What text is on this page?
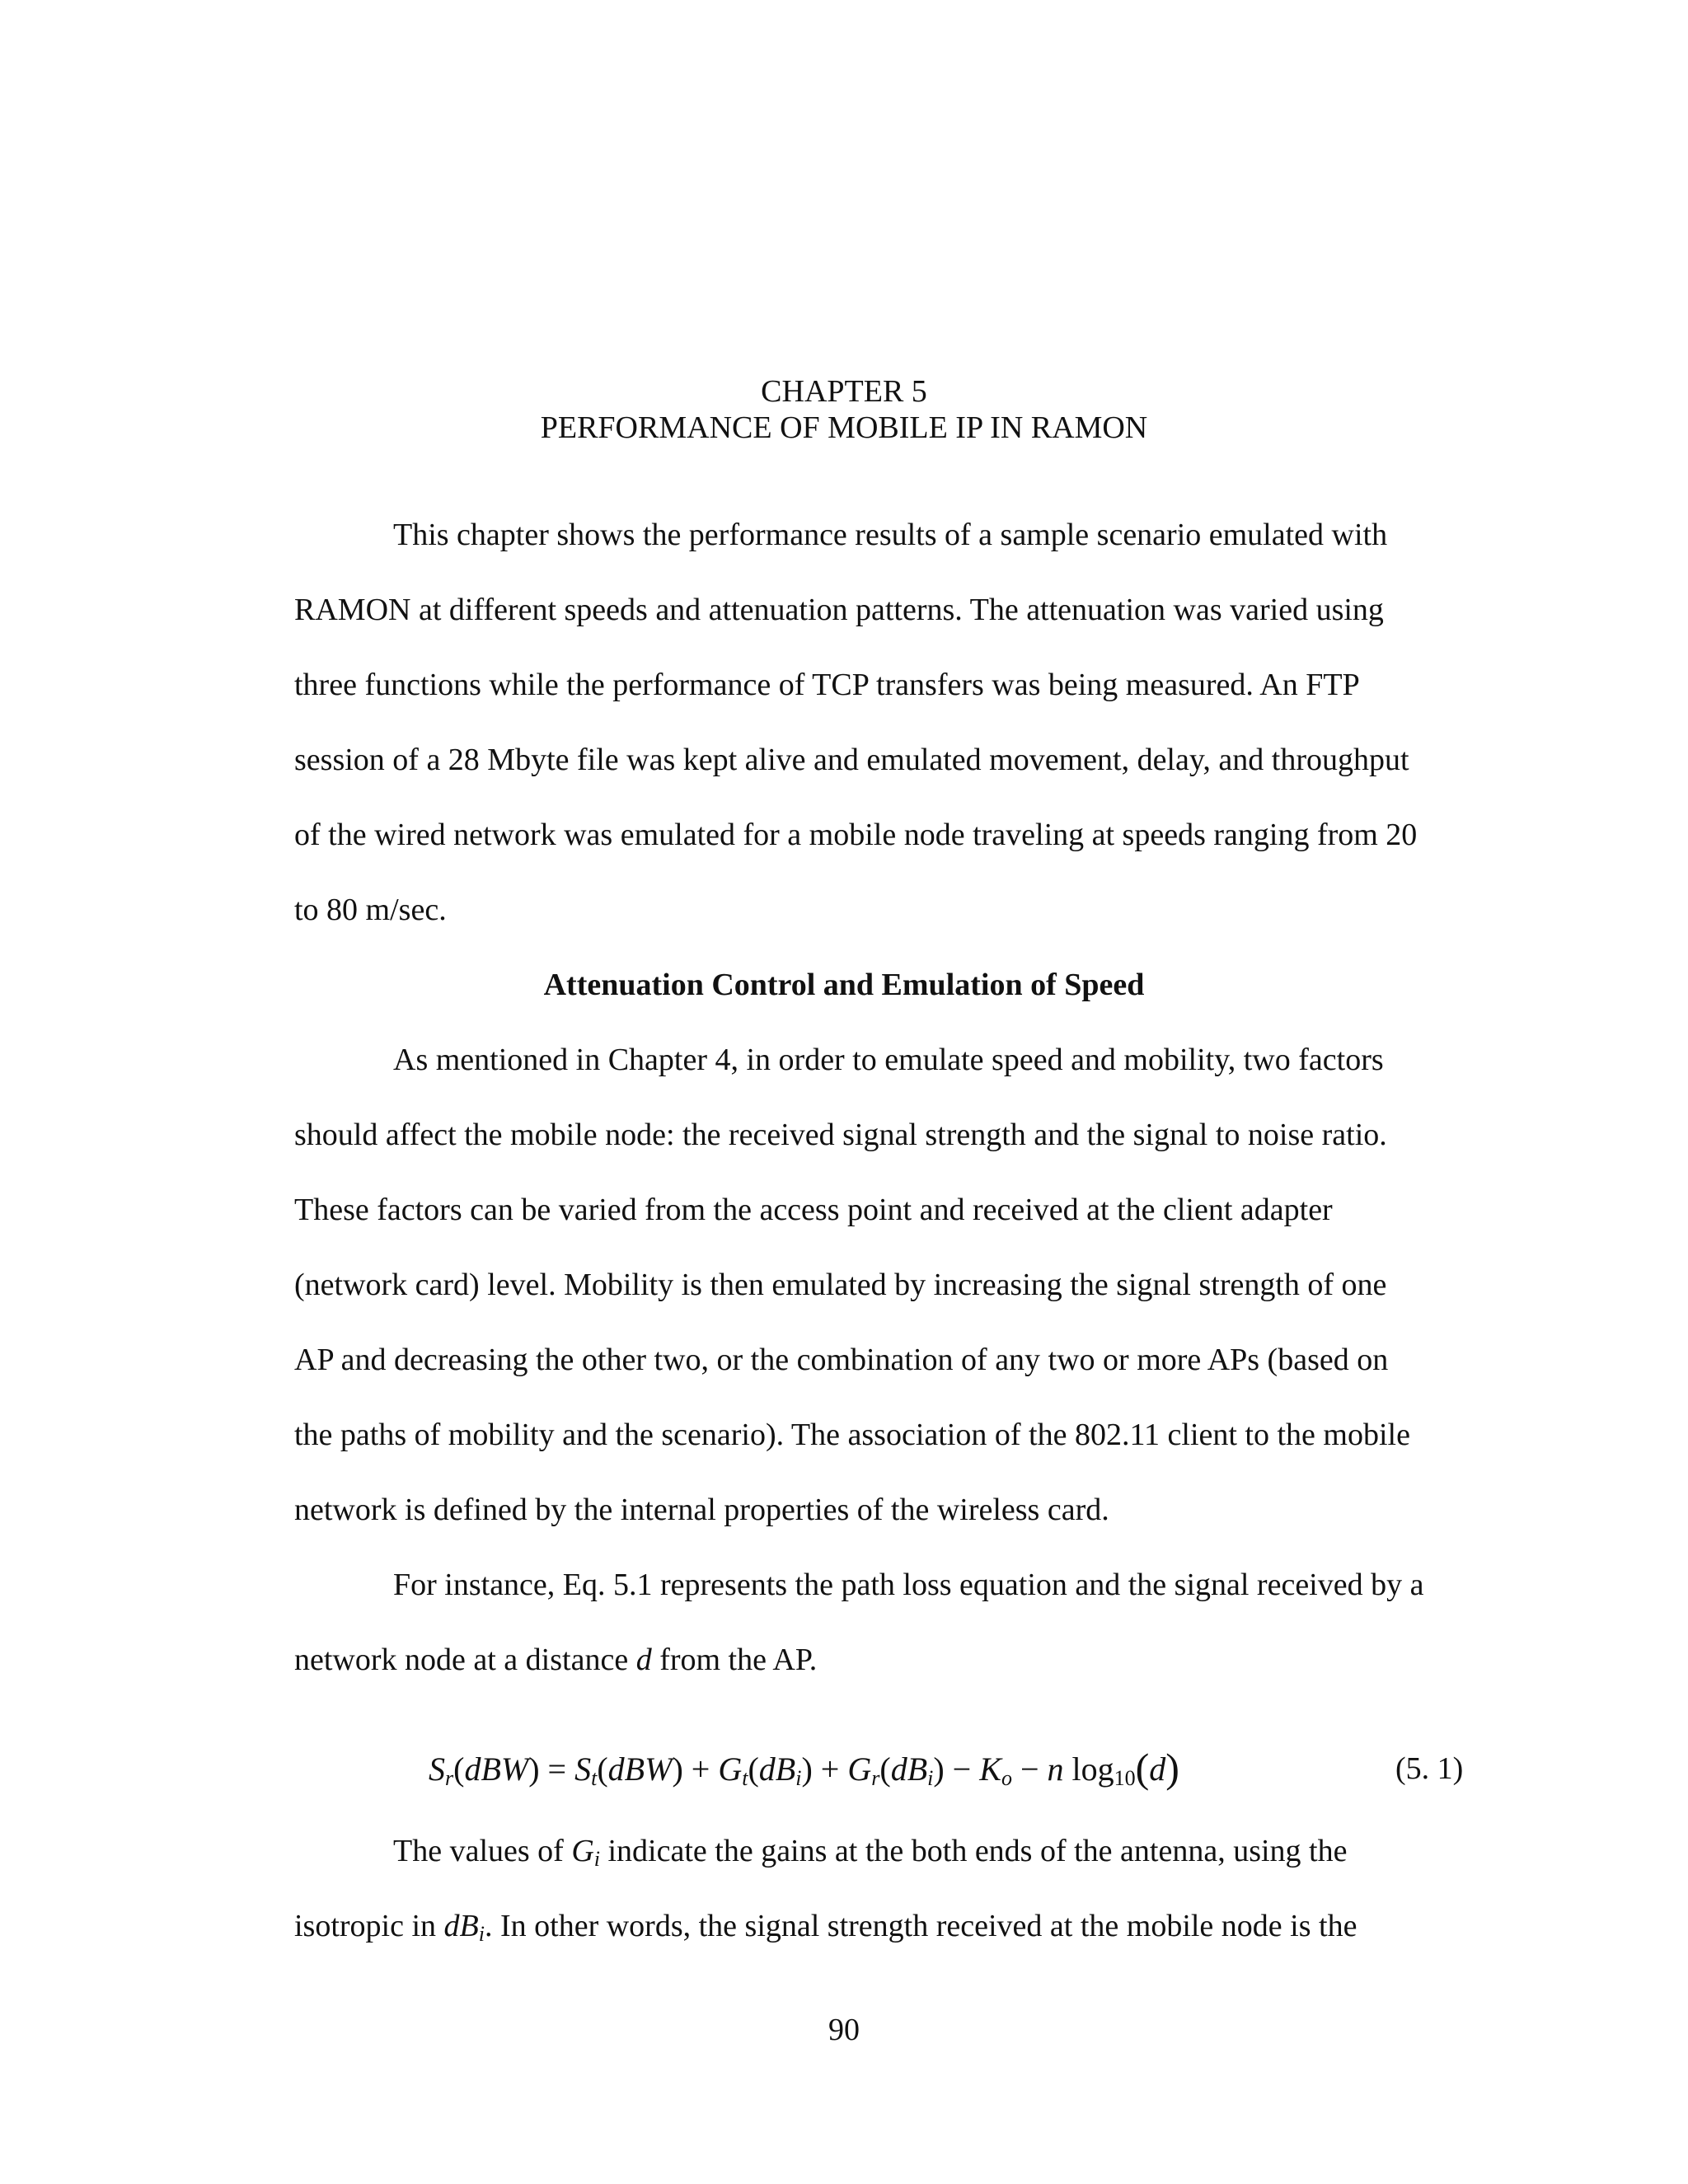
CHAPTER 5
PERFORMANCE OF MOBILE IP IN RAMON
This chapter shows the performance results of a sample scenario emulated with
RAMON at different speeds and attenuation patterns. The attenuation was varied using
three functions while the performance of TCP transfers was being measured. An FTP
session of a 28 Mbyte file was kept alive and emulated movement, delay, and throughput
of the wired network was emulated for a mobile node traveling at speeds ranging from 20
to 80 m/sec.
Attenuation Control and Emulation of Speed
As mentioned in Chapter 4, in order to emulate speed and mobility, two factors
should affect the mobile node: the received signal strength and the signal to noise ratio.
These factors can be varied from the access point and received at the client adapter
(network card) level. Mobility is then emulated by increasing the signal strength of one
AP and decreasing the other two, or the combination of any two or more APs (based on
the paths of mobility and the scenario). The association of the 802.11 client to the mobile
network is defined by the internal properties of the wireless card.
For instance, Eq. 5.1 represents the path loss equation and the signal received by a
network node at a distance d from the AP.
$S_r(dBW) = S_t(dBW) + G_t(dB_i) + G_r(dB_i) - K_o - n$ $\log_{10}(d)$	(5. 1)
The values of $G_i$ indicate the gains at the both ends of the antenna, using the
isotropic in $dB_i$. In other words, the signal strength received at the mobile node is the
90
